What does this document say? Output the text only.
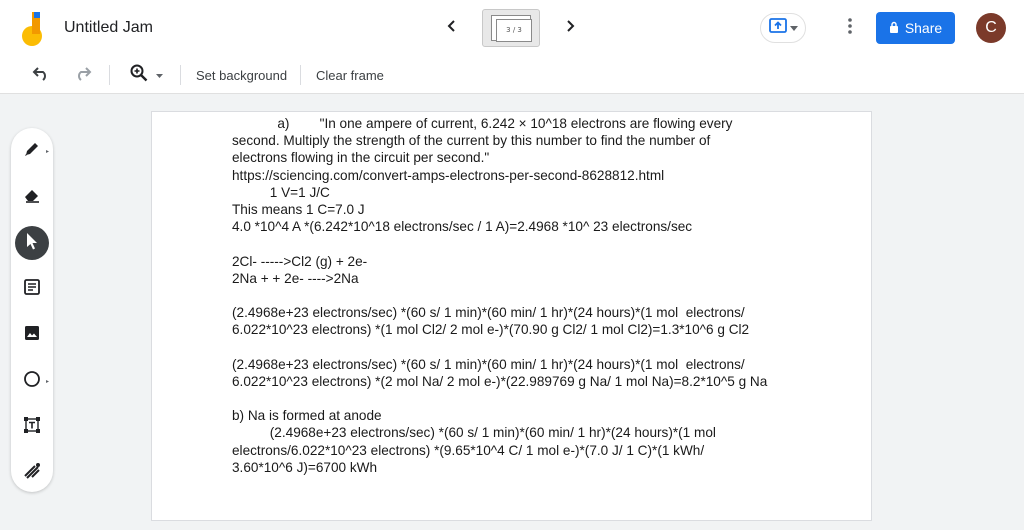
Untitled Jam	3 / 3	Share	C
Set background Clear frame
▸
▸
a)        "In one ampere of current, 6.242 × 10^18 electrons are flowing every
second. Multiply the strength of the current by this number to find the number of
electrons flowing in the circuit per second."
https://sciencing.com/convert-amps-electrons-per-second-8628812.html
1 V=1 J/C
This means 1 C=7.0 J
4.0 *10^4 A *(6.242*10^18 electrons/sec / 1 A)=2.4968 *10^ 23 electrons/sec
2Cl- ----->Cl2 (g) + 2e-
2Na + + 2e- ---->2Na
(2.4968e+23 electrons/sec) *(60 s/ 1 min)*(60 min/ 1 hr)*(24 hours)*(1 mol  electrons/
6.022*10^23 electrons) *(1 mol Cl2/ 2 mol e-)*(70.90 g Cl2/ 1 mol Cl2)=1.3*10^6 g Cl2
(2.4968e+23 electrons/sec) *(60 s/ 1 min)*(60 min/ 1 hr)*(24 hours)*(1 mol  electrons/
6.022*10^23 electrons) *(2 mol Na/ 2 mol e-)*(22.989769 g Na/ 1 mol Na)=8.2*10^5 g Na
b) Na is formed at anode
(2.4968e+23 electrons/sec) *(60 s/ 1 min)*(60 min/ 1 hr)*(24 hours)*(1 mol
electrons/6.022*10^23 electrons) *(9.65*10^4 C/ 1 mol e-)*(7.0 J/ 1 C)*(1 kWh/
3.60*10^6 J)=6700 kWh
